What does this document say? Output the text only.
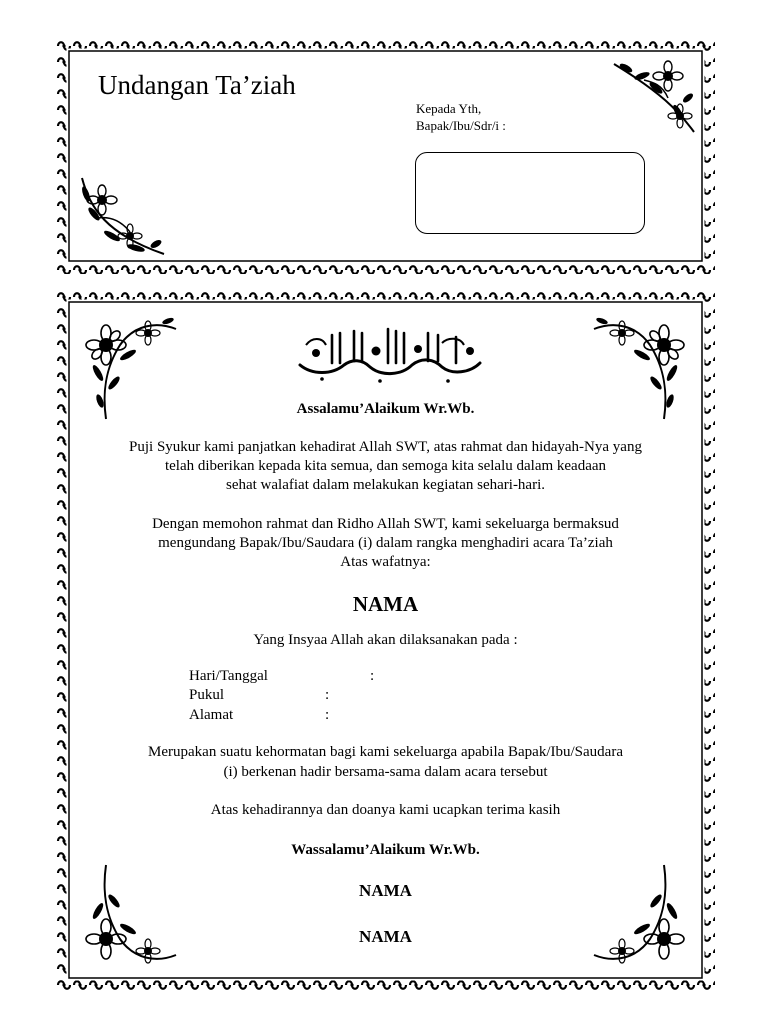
Undangan Ta’ziah
Kepada Yth,
Bapak/Ibu/Sdr/i :
Assalamu’Alaikum Wr.Wb.
Puji Syukur kami panjatkan kehadirat Allah SWT, atas rahmat dan hidayah-Nya yang
telah diberikan kepada kita semua, dan semoga kita selalu dalam keadaan
sehat walafiat dalam melakukan kegiatan sehari-hari.
Dengan memohon rahmat dan Ridho Allah SWT, kami sekeluarga bermaksud
mengundang Bapak/Ibu/Saudara (i) dalam rangka menghadiri acara Ta’ziah
Atas wafatnya:
NAMA
Yang Insyaa Allah akan dilaksanakan pada :
Hari/Tanggal	:
Pukul	:
Alamat	:
Merupakan suatu kehormatan bagi kami sekeluarga apabila Bapak/Ibu/Saudara
(i) berkenan hadir bersama-sama dalam acara tersebut
Atas kehadirannya dan doanya kami ucapkan terima kasih
Wassalamu’Alaikum Wr.Wb.
NAMA
NAMA
